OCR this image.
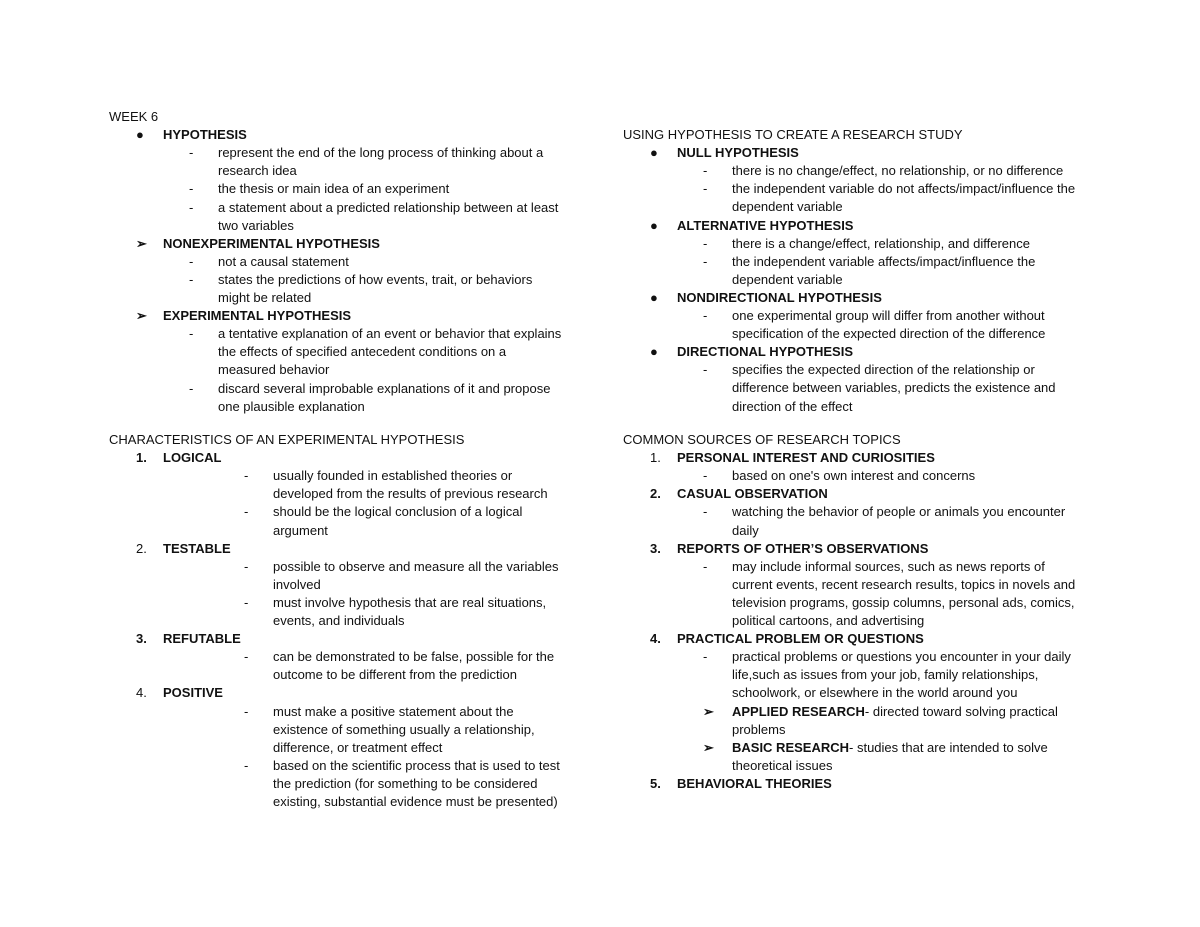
WEEK 6
●	HYPOTHESIS
- represent the end of the long process of thinking about a
research idea
- the thesis or main idea of an experiment
- a statement about a predicted relationship between at least
two variables
➢	NONEXPERIMENTAL HYPOTHESIS
- not a causal statement
- states the predictions of how events, trait, or behaviors
might be related
➢	EXPERIMENTAL HYPOTHESIS
- a tentative explanation of an event or behavior that explains
the effects of specified antecedent conditions on a
measured behavior
- discard several improbable explanations of it and propose
one plausible explanation
CHARACTERISTICS OF AN EXPERIMENTAL HYPOTHESIS
1.	LOGICAL
- usually founded in established theories or
developed from the results of previous research
- should be the logical conclusion of a logical
argument
2.	TESTABLE
- possible to observe and measure all the variables
involved
- must involve hypothesis that are real situations,
events, and individuals
3.	REFUTABLE
- can be demonstrated to be false, possible for the
outcome to be different from the prediction
4.	POSITIVE
- must make a positive statement about the
existence of something usually a relationship,
difference, or treatment effect
- based on the scientific process that is used to test
the prediction (for something to be considered
existing, substantial evidence must be presented)
USING HYPOTHESIS TO CREATE A RESEARCH STUDY
●	NULL HYPOTHESIS
- there is no change/effect, no relationship, or no difference
- the independent variable do not affects/impact/influence the
dependent variable
●	ALTERNATIVE HYPOTHESIS
- there is a change/effect, relationship, and difference
- the independent variable affects/impact/influence the
dependent variable
●	NONDIRECTIONAL HYPOTHESIS
- one experimental group will differ from another without
specification of the expected direction of the difference
●	DIRECTIONAL HYPOTHESIS
- specifies the expected direction of the relationship or
difference between variables, predicts the existence and
direction of the effect
COMMON SOURCES OF RESEARCH TOPICS
1.	PERSONAL INTEREST AND CURIOSITIES
- based on one's own interest and concerns
2.	CASUAL OBSERVATION
- watching the behavior of people or animals you encounter
daily
3.	REPORTS OF OTHER’S OBSERVATIONS
- may include informal sources, such as news reports of
current events, recent research results, topics in novels and
television programs, gossip columns, personal ads, comics,
political cartoons, and advertising
4.	PRACTICAL PROBLEM OR QUESTIONS
- practical problems or questions you encounter in your daily
life,such as issues from your job, family relationships,
schoolwork, or elsewhere in the world around you
➢ APPLIED RESEARCH- directed toward solving practical
problems
➢ BASIC RESEARCH- studies that are intended to solve
theoretical issues
5.	BEHAVIORAL THEORIES
